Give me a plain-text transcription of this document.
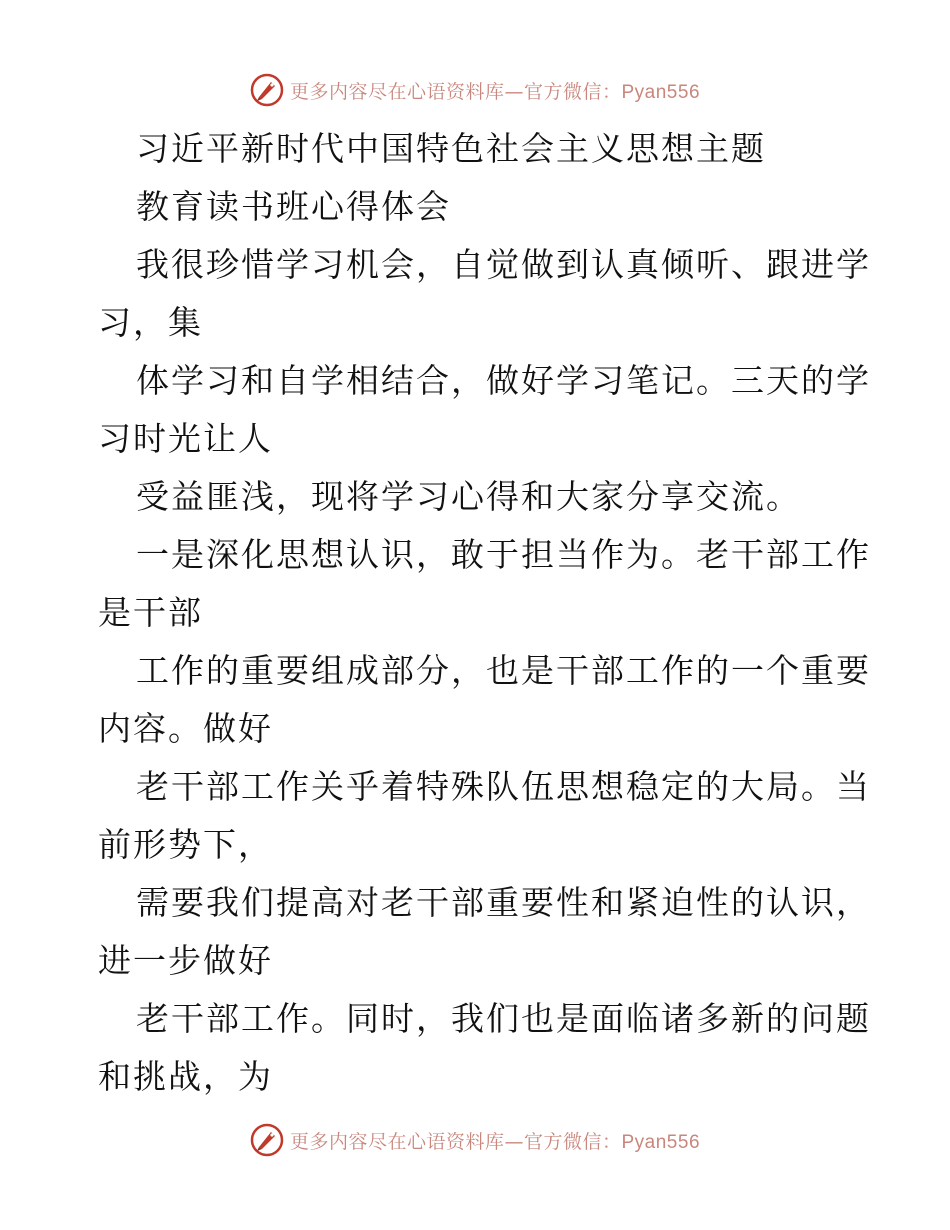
更多内容尽在心语资料库—官方微信：Pyan556
习近平新时代中国特色社会主义思想主题
教育读书班心得体会
我很珍惜学习机会，自觉做到认真倾听、跟进学
习，集
体学习和自学相结合，做好学习笔记。三天的学
习时光让人
受益匪浅，现将学习心得和大家分享交流。
一是深化思想认识，敢于担当作为。老干部工作
是干部
工作的重要组成部分，也是干部工作的一个重要
内容。做好
老干部工作关乎着特殊队伍思想稳定的大局。当
前形势下，
需要我们提高对老干部重要性和紧迫性的认识，
进一步做好
老干部工作。同时，我们也是面临诸多新的问题
和挑战，为
更多内容尽在心语资料库—官方微信：Pyan556
